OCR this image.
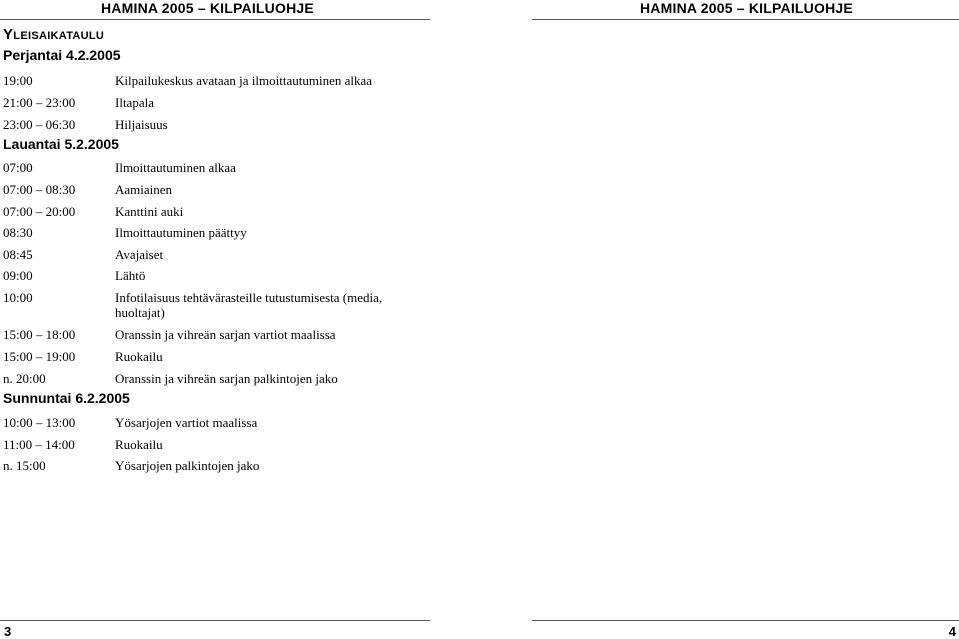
HAMINA 2005 – KILPAILUOHJE
Yleisaikataulu
Perjantai 4.2.2005
19:00	Kilpailukeskus avataan ja ilmoittautuminen alkaa
21:00 – 23:00	Iltapala
23:00 – 06:30	Hiljaisuus
Lauantai 5.2.2005
07:00	Ilmoittautuminen alkaa
07:00 – 08:30	Aamiainen
07:00 – 20:00	Kanttini auki
08:30	Ilmoittautuminen päättyy
08:45	Avajaiset
09:00	Lähtö
10:00	Infotilaisuus tehtävärasteille tutustumisesta (media, huoltajat)
15:00 – 18:00	Oranssin ja vihreän sarjan vartiot maalissa
15:00 – 19:00	Ruokailu
n. 20:00	Oranssin ja vihreän sarjan palkintojen jako
Sunnuntai 6.2.2005
10:00 – 13:00	Yösarjojen vartiot maalissa
11:00 – 14:00	Ruokailu
n. 15:00	Yösarjojen palkintojen jako
3
HAMINA 2005 – KILPAILUOHJE
4
